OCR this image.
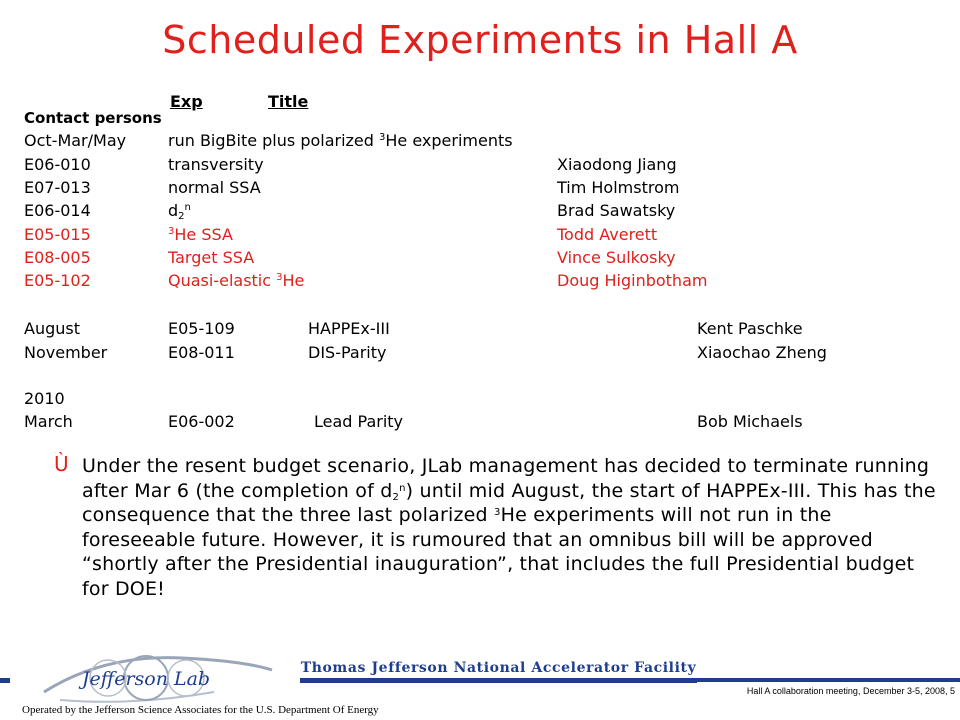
Scheduled Experiments in Hall A
Exp	Title
Contact persons
Oct-Mar/May	run BigBite plus polarized $^3$He experiments
E06-010	transversity	Xiaodong Jiang
E07-013	normal SSA	Tim Holmstrom
E06-014	$d_2^n$	Brad Sawatsky
E05-015	$^3$He SSA	Todd Averett
E08-005	Target SSA	Vince Sulkosky
E05-102	Quasi-elastic $^3$He	Doug Higinbotham
August	E05-109	HAPPEx-III	Kent Paschke
November	E08-011	DIS-Parity	Xiaochao Zheng
2010
March	E06-002	Lead Parity	Bob Michaels
Ù Under the resent budget scenario, JLab management has decided to terminate running after Mar 6 (the completion of $d_2^n$) until mid August, the start of HAPPEx-III. This has the consequence that the three last polarized $^3$He experiments will not run in the foreseeable future. However, it is rumoured that an omnibus bill will be approved “shortly after the Presidential inauguration”, that includes the full Presidential budget for DOE!
Jefferson Lab	Thomas Jefferson National Accelerator Facility
Operated by the Jefferson Science Associates for the U.S. Department Of Energy
Hall A collaboration meeting, December 3-5, 2008, 5
